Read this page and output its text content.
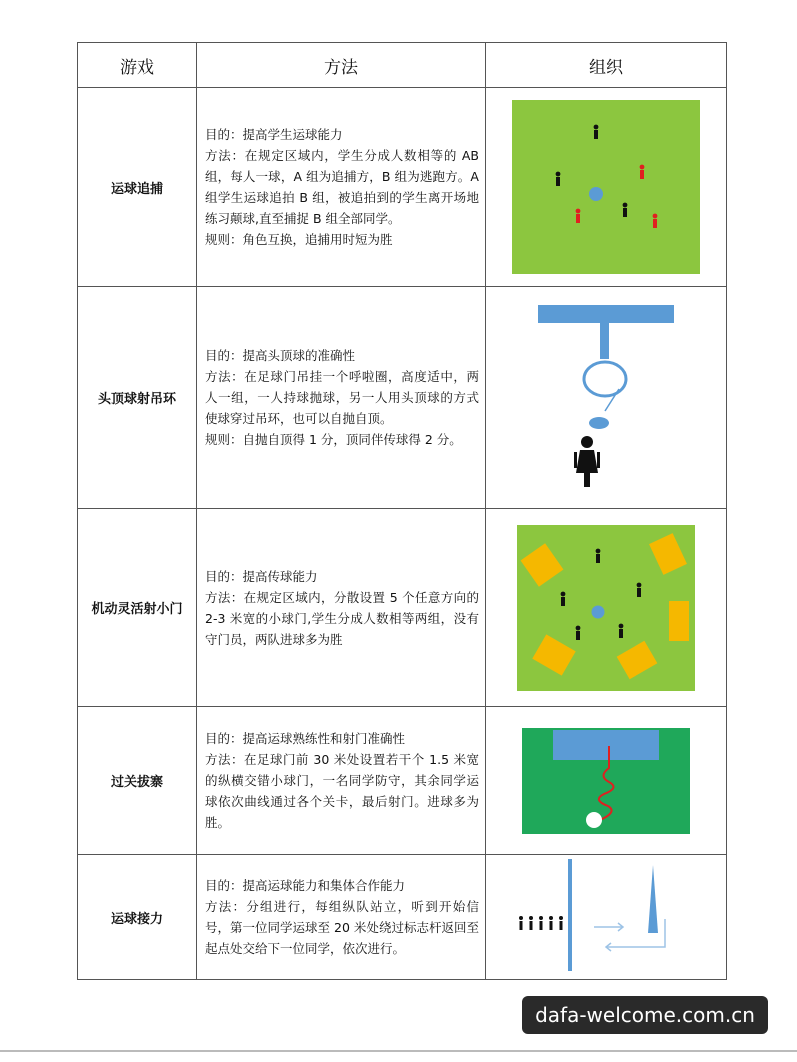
游戏	方法	组织
运球追捕	目的：提高学生运球能力

方法：在规定区域内，学生分成人数相等的 AB 组，每人一球，A 组为追捕方，B 组为逃跑方。A 组学生运球追拍 B 组，被追拍到的学生离开场地练习颠球,直至捕捉 B 组全部同学。

规则：角色互换，追捕用时短为胜

头顶球射吊环	目的：提高头顶球的准确性

方法：在足球门吊挂一个呼啦圈，高度适中，两人一组，一人持球抛球，另一人用头顶球的方式使球穿过吊环，也可以自抛自顶。

规则：自抛自顶得 1 分，顶同伴传球得 2 分。

机动灵活射小门	目的：提高传球能力

方法：在规定区域内，分散设置 5 个任意方向的 2-3 米宽的小球门,学生分成人数相等两组，没有守门员，两队进球多为胜

过关拔寨	目的：提高运球熟练性和射门准确性

方法：在足球门前 30 米处设置若干个 1.5 米宽的纵横交错小球门，一名同学防守，其余同学运球依次曲线通过各个关卡，最后射门。进球多为胜。

运球接力	目的：提高运球能力和集体合作能力

方法：分组进行，每组纵队站立，听到开始信号，第一位同学运球至 20 米处绕过标志杆返回至起点处交给下一位同学，依次进行。

dafa-welcome.com.cn
